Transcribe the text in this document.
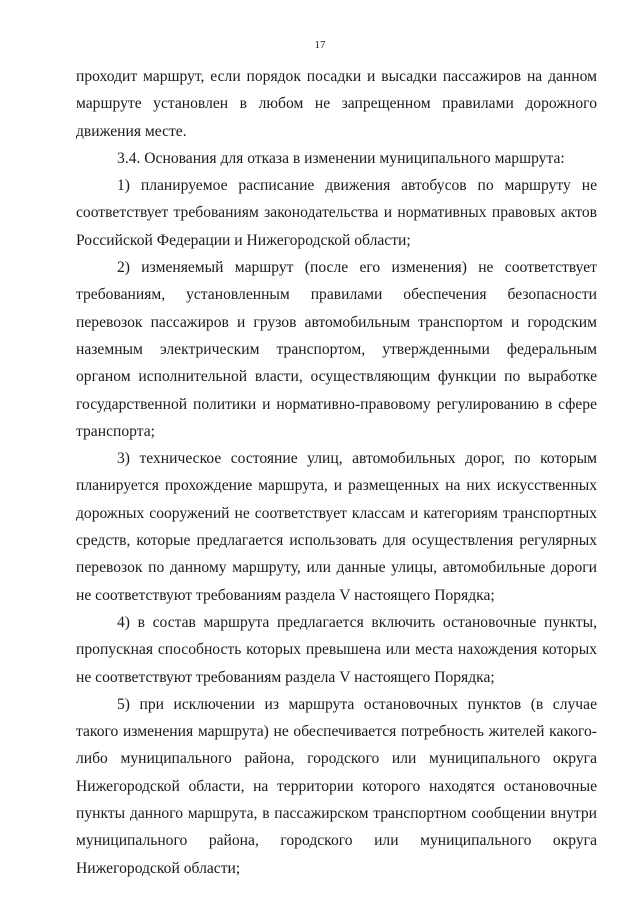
17

проходит маршрут, если порядок посадки и высадки пассажиров на данном маршруте установлен в любом не запрещенном правилами дорожного движения месте.

3.4. Основания для отказа в изменении муниципального маршрута:

1) планируемое расписание движения автобусов по маршруту не соответствует требованиям законодательства и нормативных правовых актов Российской Федерации и Нижегородской области;

2) изменяемый маршрут (после его изменения) не соответствует требованиям, установленным правилами обеспечения безопасности перевозок пассажиров и грузов автомобильным транспортом и городским наземным электрическим транспортом, утвержденными федеральным органом исполнительной власти, осуществляющим функции по выработке государственной политики и нормативно-правовому регулированию в сфере транспорта;

3) техническое состояние улиц, автомобильных дорог, по которым планируется прохождение маршрута, и размещенных на них искусственных дорожных сооружений не соответствует классам и категориям транспортных средств, которые предлагается использовать для осуществления регулярных перевозок по данному маршруту, или данные улицы, автомобильные дороги не соответствуют требованиям раздела V настоящего Порядка;

4) в состав маршрута предлагается включить остановочные пункты, пропускная способность которых превышена или места нахождения которых не соответствуют требованиям раздела V настоящего Порядка;

5) при исключении из маршрута остановочных пунктов (в случае такого изменения маршрута) не обеспечивается потребность жителей какого-либо муниципального района, городского или муниципального округа Нижегородской области, на территории которого находятся остановочные пункты данного маршрута, в пассажирском транспортном сообщении внутри муниципального района, городского или муниципального округа Нижегородской области;
